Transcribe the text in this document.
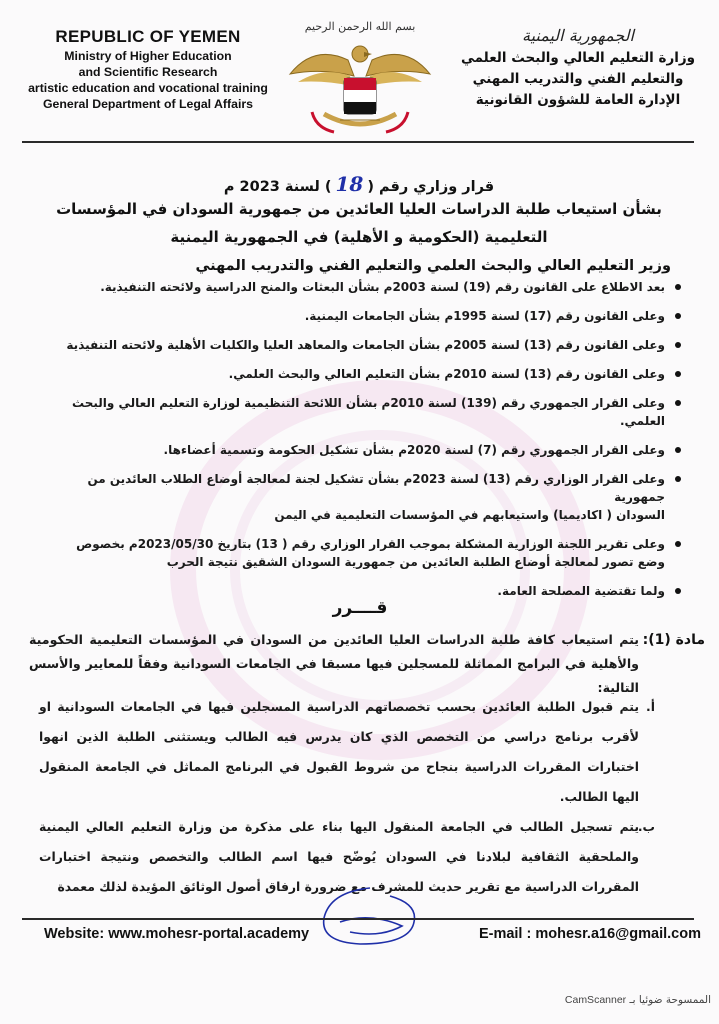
REPUBLIC OF YEMEN
Ministry of Higher Education
and Scientific Research
artistic education and vocational training
General Department of Legal Affairs
بسم الله الرحمن الرحيم	الجمهورية اليمنية
وزارة التعليم العالي والبحث العلمي
والتعليم الفني والتدريب المهني
الإدارة العامة للشؤون القانونية
قرار وزاري رقم (18) لسنة 2023 م
بشأن استيعاب طلبة الدراسات العليا العائدين من جمهورية السودان في المؤسسات
التعليمية (الحكومية و الأهلية) في الجمهورية اليمنية
وزير التعليم العالي والبحث العلمي والتعليم الفني والتدريب المهني
بعد الاطلاع على القانون رقم (19) لسنة 2003م بشأن البعثات والمنح الدراسية ولائحته التنفيذية.
وعلى القانون رقم (17) لسنة 1995م بشأن الجامعات اليمنية.
وعلى القانون رقم (13) لسنة 2005م بشأن الجامعات والمعاهد العليا والكليات الأهلية ولائحته التنفيذية
وعلى القانون رقم (13) لسنة 2010م بشأن التعليم العالي والبحث العلمي.
وعلى القرار الجمهوري رقم (139) لسنة 2010م بشأن اللائحة التنظيمية لوزارة التعليم العالي والبحث العلمي.
وعلى القرار الجمهوري رقم (7) لسنة 2020م بشأن تشكيل الحكومة وتسمية أعضاءها.
وعلى القرار الوزاري رقم (13) لسنة 2023م بشأن تشكيل لجنة لمعالجة أوضاع الطلاب العائدين من جمهورية
السودان ( اكاديميا) واستيعابهم في المؤسسات التعليمية في اليمن
وعلى تقرير اللجنة الوزارية المشكلة بموجب القرار الوزاري رقم ( 13) بتاريخ 2023/05/30م بخصوص
وضع تصور لمعالجة أوضاع الطلبة العائدين من جمهورية السودان الشقيق نتيجة الحرب
ولما تقتضية المصلحة العامة.
قــــرر
مادة (1):
يتم استيعاب كافة طلبة الدراسات العليا العائدين من السودان في المؤسسات التعليمية الحكومية والأهلية في البرامج المماثلة للمسجلين فيها مسبقا في الجامعات السودانية وفقاً للمعايير والأسس التالية:
أ.
يتم قبول الطلبة العائدين بحسب تخصصاتهم الدراسية المسجلين فيها في الجامعات السودانية او لأقرب برنامج دراسي من التخصص الذي كان يدرس فيه الطالب ويستثنى الطلبة الذين انهوا اختبارات المقررات الدراسية بنجاح من شروط القبول في البرنامج المماثل في الجامعة المنقول اليها الطالب.
ب.
يتم تسجيل الطالب في الجامعة المنقول اليها بناء على مذكرة من وزارة التعليم العالي اليمنية والملحقية الثقافية لبلادنا في السودان يُوضّح فيها اسم الطالب والتخصص ونتيجة اختبارات المقررات الدراسية مع تقرير حديث للمشرف مع ضرورة ارفاق أصول الوثائق المؤيدة لذلك معمدة
Website: www.mohesr-portal.academy	E-mail : mohesr.a16@gmail.com
الممسوحة ضوئيا بـ CamScanner
